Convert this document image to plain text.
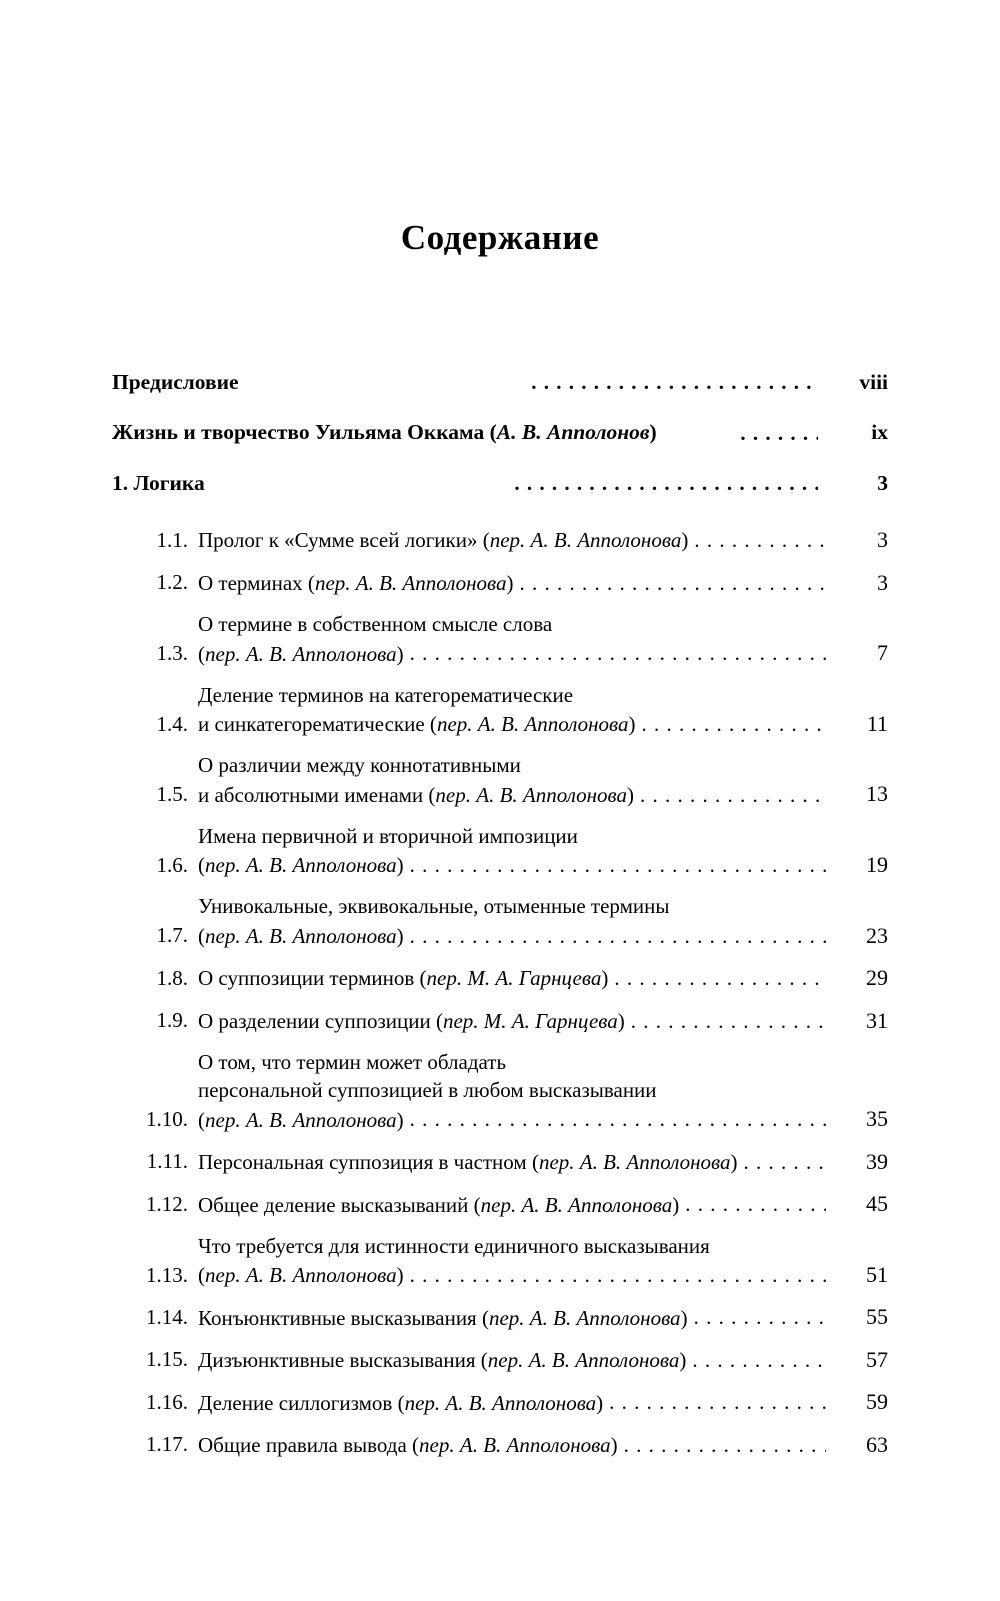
Содержание
Предисловие . . .	viii
Жизнь и творчество Уильяма Оккама (А. В. Апполонов) . . .	ix
1. Логика . . .	3
1.1. Пролог к «Сумме всей логики» (пер. А. В. Апполонова) . . .	3
1.2. О терминах (пер. А. В. Апполонова) . . .	3
1.3.
О термине в собственном смысле слова
(пер. А. В. Апполонова) . . .	7
1.4.
Деление терминов на категорематические
и синкатегорематические (пер. А. В. Апполонова) . . .	11
1.5.
О различии между коннотативными
и абсолютными именами (пер. А. В. Апполонова) . . .	13
1.6.
Имена первичной и вторичной импозиции
(пер. А. В. Апполонова) . . .	19
1.7.
Унивокальные, эквивокальные, отыменные термины
(пер. А. В. Апполонова) . . .	23
1.8. О суппозиции терминов (пер. М. А. Гарнцева) . . .	29
1.9. О разделении суппозиции (пер. М. А. Гарнцева) . . .	31
1.10.
О том, что термин может обладать
персональной суппозицией в любом высказывании
(пер. А. В. Апполонова) . . .	35
1.11. Персональная суппозиция в частном (пер. А. В. Апполонова) . . .	39
1.12. Общее деление высказываний (пер. А. В. Апполонова) . . .	45
1.13.
Что требуется для истинности единичного высказывания
(пер. А. В. Апполонова) . . .	51
1.14. Конъюнктивные высказывания (пер. А. В. Апполонова) . . .	55
1.15. Дизъюнктивные высказывания (пер. А. В. Апполонова) . . .	57
1.16. Деление силлогизмов (пер. А. В. Апполонова) . . .	59
1.17. Общие правила вывода (пер. А. В. Апполонова) . . .	63
